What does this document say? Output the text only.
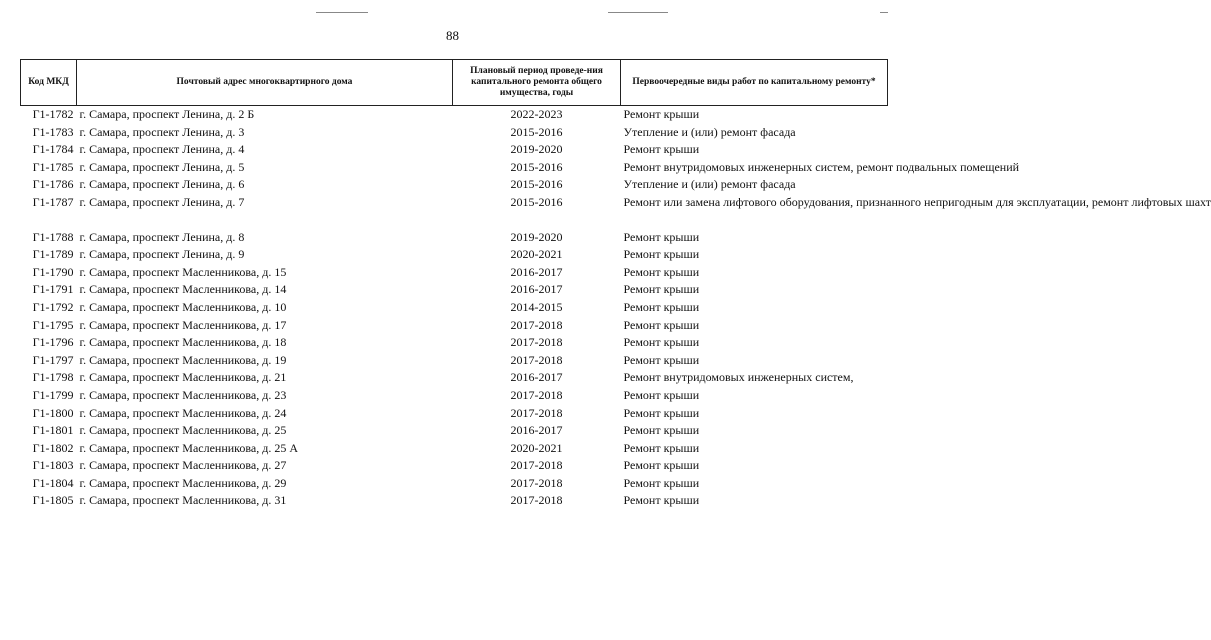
88
Код МКД	Почтовый адрес многоквартирного дома	Плановый период проведе-ния капитального ремонта общего имущества, годы	Первоочередные виды работ по капитальному ремонту*
Г1-1782	г. Самара, проспект Ленина, д. 2 Б	2022-2023	Ремонт крыши
Г1-1783	г. Самара, проспект Ленина, д. 3	2015-2016	Утепление и (или) ремонт фасада
Г1-1784	г. Самара, проспект Ленина, д. 4	2019-2020	Ремонт крыши
Г1-1785	г. Самара, проспект Ленина, д. 5	2015-2016	Ремонт внутридомовых инженерных систем, ремонт подвальных помещений
Г1-1786	г. Самара, проспект Ленина, д. 6	2015-2016	Утепление и (или) ремонт фасада
Г1-1787	г. Самара, проспект Ленина, д. 7	2015-2016	Ремонт или замена лифтового оборудования, признанного непригодным для эксплуатации, ремонт лифтовых шахт
Г1-1788	г. Самара, проспект Ленина, д. 8	2019-2020	Ремонт крыши
Г1-1789	г. Самара, проспект Ленина, д. 9	2020-2021	Ремонт крыши
Г1-1790	г. Самара, проспект Масленникова, д. 15	2016-2017	Ремонт крыши
Г1-1791	г. Самара, проспект Масленникова, д. 14	2016-2017	Ремонт крыши
Г1-1792	г. Самара, проспект Масленникова, д. 10	2014-2015	Ремонт крыши
Г1-1795	г. Самара, проспект Масленникова, д. 17	2017-2018	Ремонт крыши
Г1-1796	г. Самара, проспект Масленникова, д. 18	2017-2018	Ремонт крыши
Г1-1797	г. Самара, проспект Масленникова, д. 19	2017-2018	Ремонт крыши
Г1-1798	г. Самара, проспект Масленникова, д. 21	2016-2017	Ремонт внутридомовых инженерных систем,
Г1-1799	г. Самара, проспект Масленникова, д. 23	2017-2018	Ремонт крыши
Г1-1800	г. Самара, проспект Масленникова, д. 24	2017-2018	Ремонт крыши
Г1-1801	г. Самара, проспект Масленникова, д. 25	2016-2017	Ремонт крыши
Г1-1802	г. Самара, проспект Масленникова, д. 25 А	2020-2021	Ремонт крыши
Г1-1803	г. Самара, проспект Масленникова, д. 27	2017-2018	Ремонт крыши
Г1-1804	г. Самара, проспект Масленникова, д. 29	2017-2018	Ремонт крыши
Г1-1805	г. Самара, проспект Масленникова, д. 31	2017-2018	Ремонт крыши
